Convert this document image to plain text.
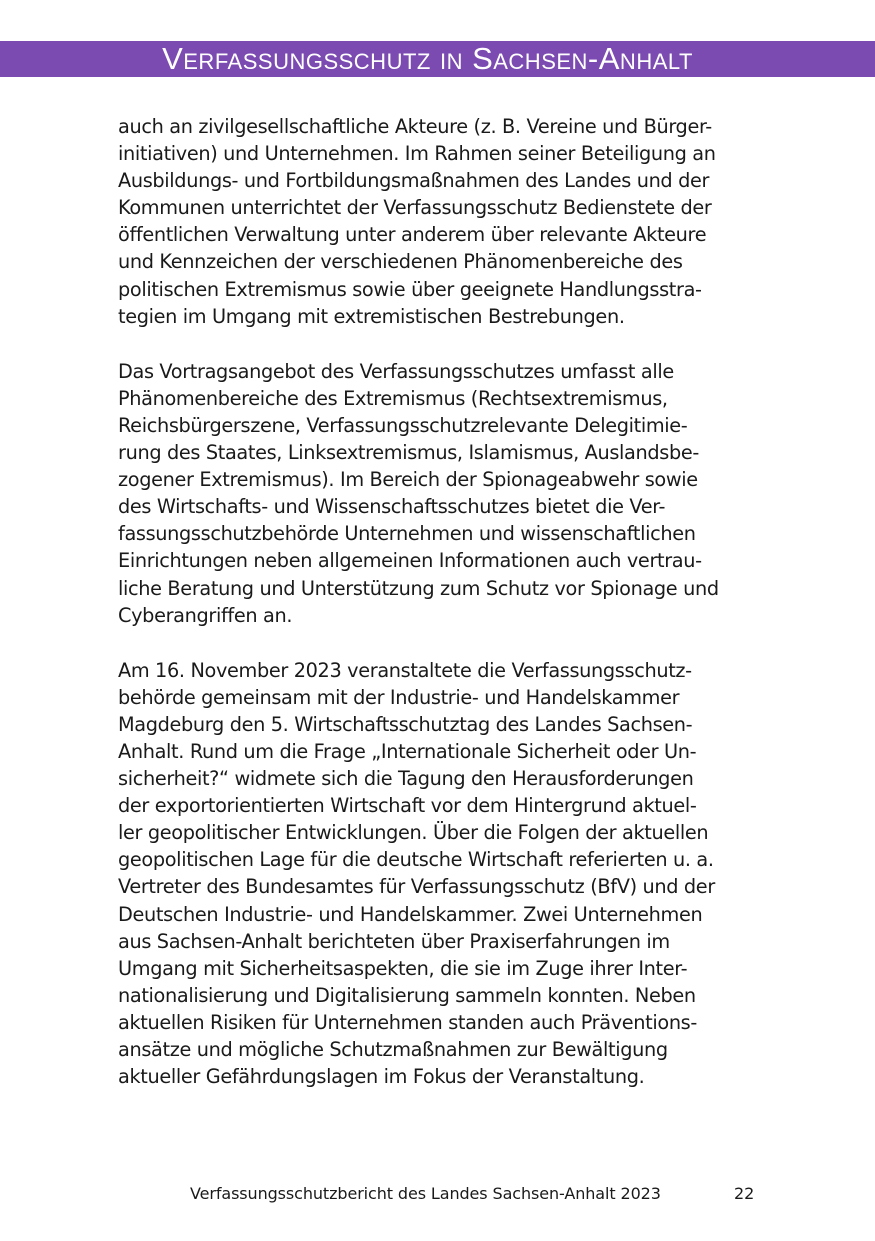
Verfassungsschutz in Sachsen-Anhalt

auch an zivilgesellschaftliche Akteure (z. B. Vereine und Bürger-
initiativen) und Unternehmen. Im Rahmen seiner Beteiligung an
Ausbildungs- und Fortbildungsmaßnahmen des Landes und der
Kommunen unterrichtet der Verfassungsschutz Bedienstete der
öffentlichen Verwaltung unter anderem über relevante Akteure
und Kennzeichen der verschiedenen Phänomenbereiche des
politischen Extremismus sowie über geeignete Handlungsstra-
tegien im Umgang mit extremistischen Bestrebungen.

Das Vortragsangebot des Verfassungsschutzes umfasst alle
Phänomenbereiche des Extremismus (Rechtsextremismus,
Reichsbürgerszene, Verfassungsschutzrelevante Delegitimie-
rung des Staates, Linksextremismus, Islamismus, Auslandsbe-
zogener Extremismus). Im Bereich der Spionageabwehr sowie
des Wirtschafts- und Wissenschaftsschutzes bietet die Ver-
fassungsschutzbehörde Unternehmen und wissenschaftlichen
Einrichtungen neben allgemeinen Informationen auch vertrau-
liche Beratung und Unterstützung zum Schutz vor Spionage und
Cyberangriffen an.

Am 16. November 2023 veranstaltete die Verfassungsschutz-
behörde gemeinsam mit der Industrie- und Handelskammer
Magdeburg den 5. Wirtschaftsschutztag des Landes Sachsen-
Anhalt. Rund um die Frage „Internationale Sicherheit oder Un-
sicherheit?“ widmete sich die Tagung den Herausforderungen
der exportorientierten Wirtschaft vor dem Hintergrund aktuel-
ler geopolitischer Entwicklungen. Über die Folgen der aktuellen
geopolitischen Lage für die deutsche Wirtschaft referierten u. a.
Vertreter des Bundesamtes für Verfassungsschutz (BfV) und der
Deutschen Industrie- und Handelskammer. Zwei Unternehmen
aus Sachsen-Anhalt berichteten über Praxiserfahrungen im
Umgang mit Sicherheitsaspekten, die sie im Zuge ihrer Inter-
nationalisierung und Digitalisierung sammeln konnten. Neben
aktuellen Risiken für Unternehmen standen auch Präventions-
ansätze und mögliche Schutzmaßnahmen zur Bewältigung
aktueller Gefährdungslagen im Fokus der Veranstaltung.

Verfassungsschutzbericht des Landes Sachsen-Anhalt 2023	22
